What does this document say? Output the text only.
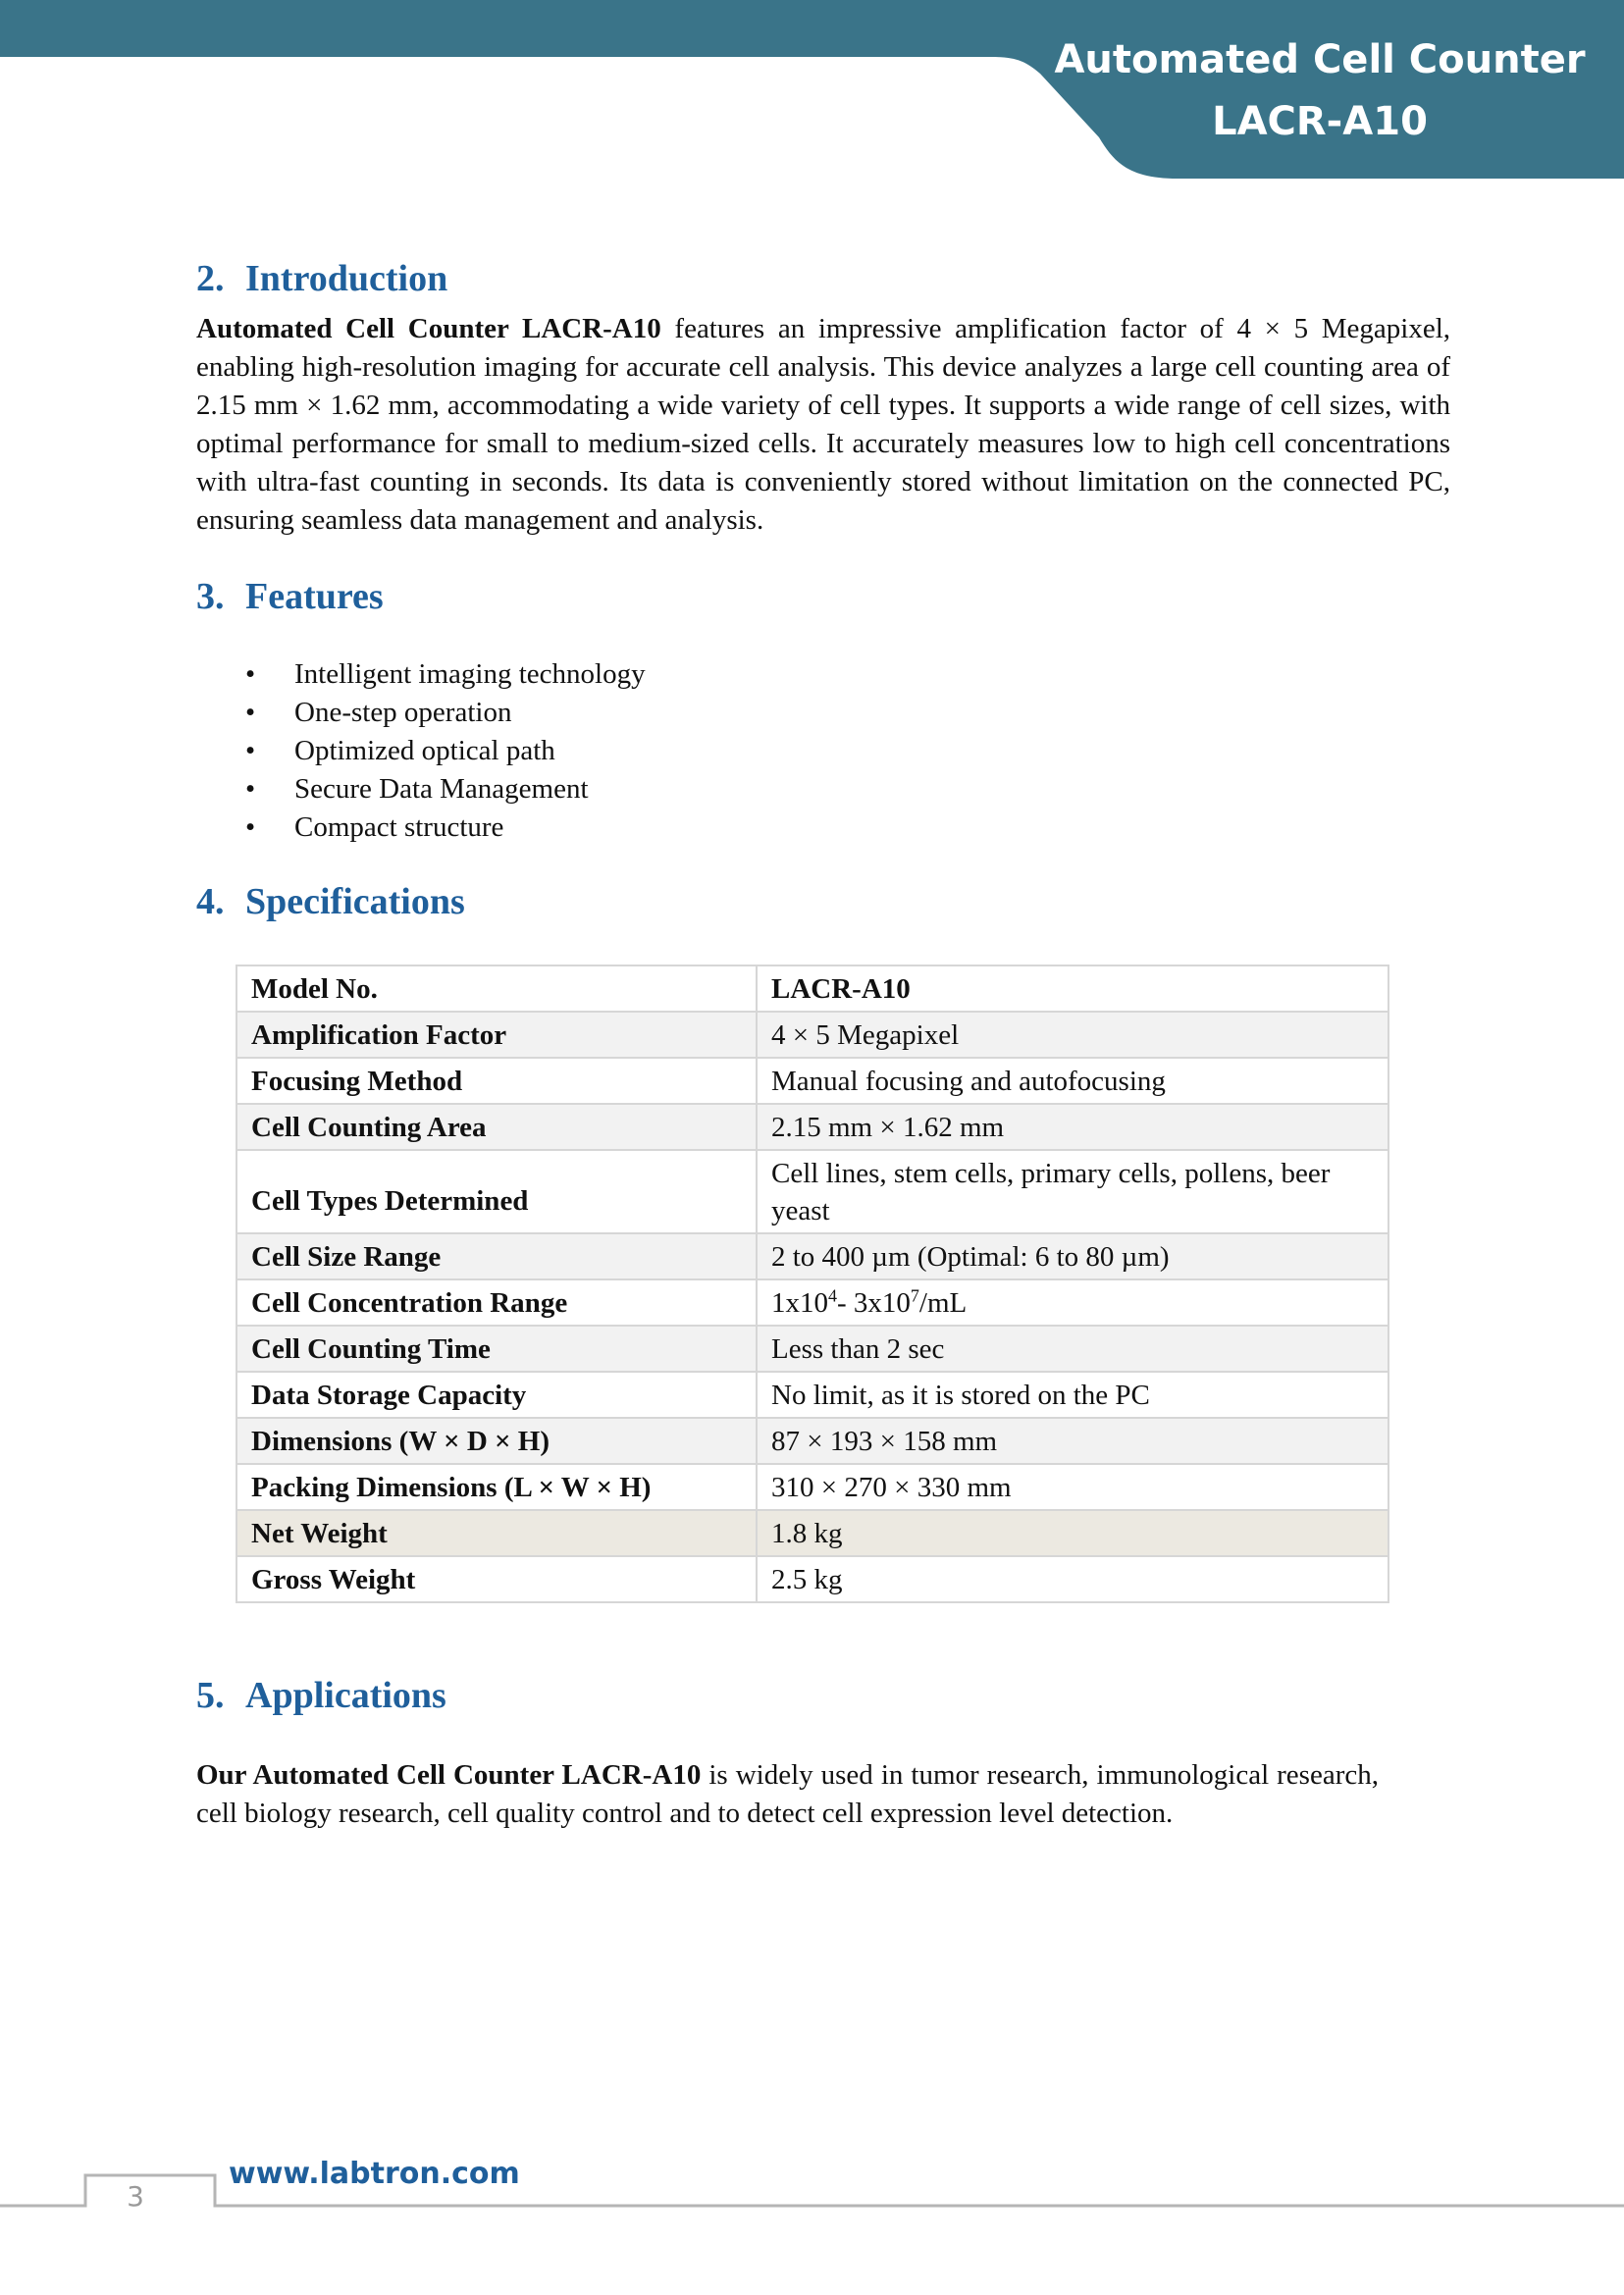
Automated Cell Counter
LACR-A10
2. Introduction

Automated Cell Counter LACR-A10 features an impressive amplification factor of 4 × 5 Megapixel, enabling high-resolution imaging for accurate cell analysis. This device analyzes a large cell counting area of 2.15 mm × 1.62 mm, accommodating a wide variety of cell types. It supports a wide range of cell sizes, with optimal performance for small to medium-sized cells. It accurately measures low to high cell concentrations with ultra-fast counting in seconds. Its data is conveniently stored without limitation on the connected PC, ensuring seamless data management and analysis.

3. Features
•	Intelligent imaging technology
•	One-step operation
•	Optimized optical path
•	Secure Data Management
•	Compact structure
4. Specifications
Model No.	LACR-A10
Amplification Factor	4 × 5 Megapixel
Focusing Method	Manual focusing and autofocusing
Cell Counting Area	2.15 mm × 1.62 mm
Cell Types Determined	Cell lines, stem cells, primary cells, pollens, beer yeast
Cell Size Range	2 to 400 µm (Optimal: 6 to 80 µm)
Cell Concentration Range	$1x10^4-$ $3x10^7/mL$
Cell Counting Time	Less than 2 sec
Data Storage Capacity	No limit, as it is stored on the PC
Dimensions (W × D × H)	87 × 193 × 158 mm
Packing Dimensions (L × W × H)	310 × 270 × 330 mm
Net Weight	1.8 kg
Gross Weight	2.5 kg
5. Applications

Our Automated Cell Counter LACR-A10 is widely used in tumor research, immunological research, cell biology research, cell quality control and to detect cell expression level detection.

3
www.labtron.com
